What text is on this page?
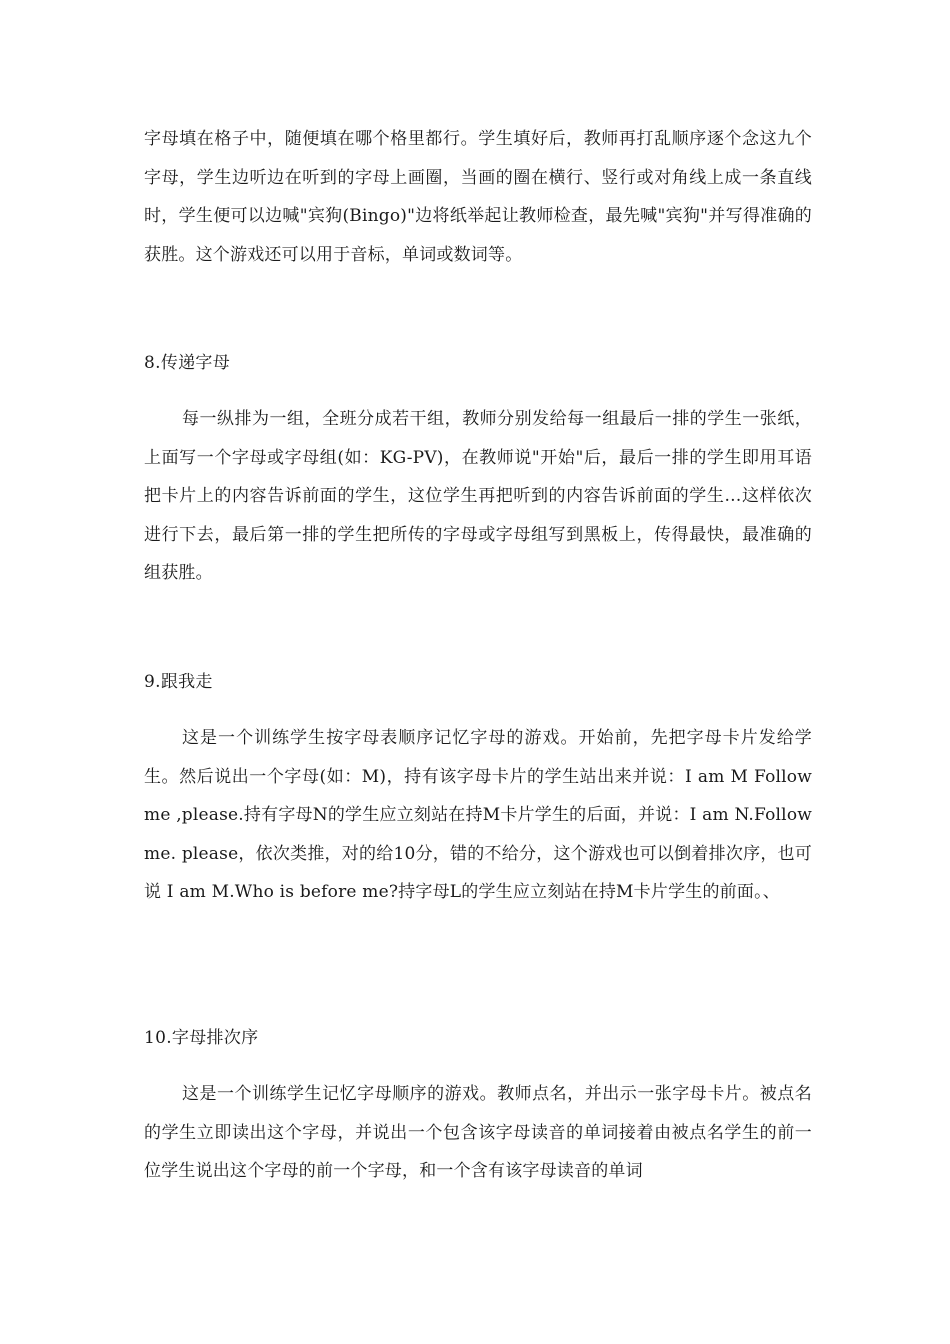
字母填在格子中，随便填在哪个格里都行。学生填好后，教师再打乱顺序逐个念这九个字母，学生边听边在听到的字母上画圈，当画的圈在横行、竖行或对角线上成一条直线时，学生便可以边喊"宾狗(Bingo)"边将纸举起让教师检查，最先喊"宾狗"并写得准确的获胜。这个游戏还可以用于音标，单词或数词等。

8.传递字母

每一纵排为一组，全班分成若干组，教师分别发给每一组最后一排的学生一张纸，上面写一个字母或字母组(如：KG-PV)，在教师说"开始"后，最后一排的学生即用耳语把卡片上的内容告诉前面的学生，这位学生再把听到的内容告诉前面的学生…这样依次进行下去，最后第一排的学生把所传的字母或字母组写到黑板上，传得最快，最准确的组获胜。

9.跟我走

这是一个训练学生按字母表顺序记忆字母的游戏。开始前，先把字母卡片发给学生。然后说出一个字母(如：M)，持有该字母卡片的学生站出来并说：I am M Follow me ,please.持有字母N的学生应立刻站在持M卡片学生的后面，并说：I am N.Follow me. please，依次类推，对的给10分，错的不给分，这个游戏也可以倒着排次序，也可说 I am M.Who is before me?持字母L的学生应立刻站在持M卡片学生的前面。、

10.字母排次序

这是一个训练学生记忆字母顺序的游戏。教师点名，并出示一张字母卡片。被点名的学生立即读出这个字母，并说出一个包含该字母读音的单词接着由被点名学生的前一位学生说出这个字母的前一个字母，和一个含有该字母读音的单词
